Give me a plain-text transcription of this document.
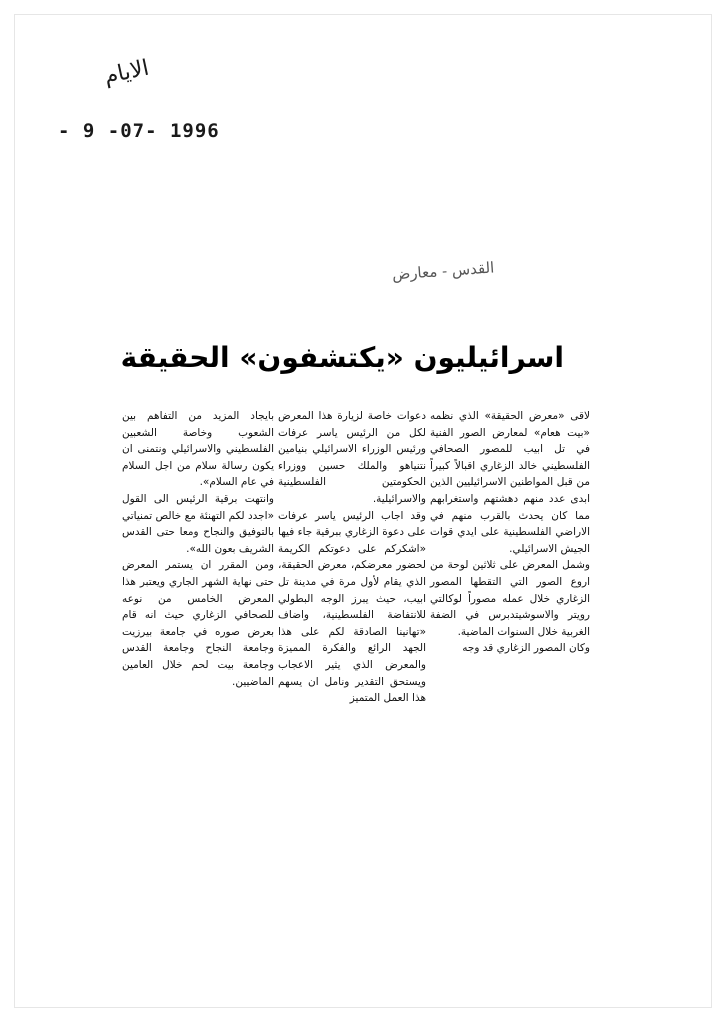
الايام
- 9 -07- 1996
القدس - معارض
اسرائيليون «يكتشفون» الحقيقة

لاقى «معرض الحقيقة» الذي نظمه «بيت هعام» لمعارض الصور الفنية في تل ابيب للمصور الصحافي الفلسطيني خالد الزغاري اقبالاً كبيراً من قبل المواطنين الاسرائيليين الذين ابدى عدد منهم دهشتهم واستغرابهم مما كان يحدث بالقرب منهم في الاراضي الفلسطينية على ايدي قوات الجيش الاسرائيلي.

وشمل المعرض على ثلاثين لوحة من اروع الصور التي التقطها المصور الزغاري خلال عمله مصوراً لوكالتي رويتر والاسوشيتدبرس في الضفة الغربية خلال السنوات الماضية.

وكان المصور الزغاري قد وجه

دعوات خاصة لزيارة هذا المعرض لكل من الرئيس ياسر عرفات ورئيس الوزراء الاسرائيلي بنيامين نتنياهو والملك حسين ووزراء الحكومتين الفلسطينية والاسرائيلية.

وقد اجاب الرئيس ياسر عرفات على دعوة الزغاري ببرقية جاء فيها «اشكركم على دعوتكم الكريمة لحضور معرضكم، معرض الحقيقة، الذي يقام لأول مرة في مدينة تل ابيب، حيث يبرز الوجه البطولي للانتفاضة الفلسطينية، واضاف «تهانينا الصادقة لكم على هذا الجهد الرائع والفكرة المميزة والمعرض الذي يثير الاعجاب ويستحق التقدير ونامل ان يسهم هذا العمل المتميز

بايجاد المزيد من التفاهم بين الشعوب وخاصة الشعبين الفلسطيني والاسرائيلي ونتمنى ان يكون رسالة سلام من اجل السلام في عام السلام».

وانتهت برقية الرئيس الى القول «اجدد لكم التهنئة مع خالص تمنياتي بالتوفيق والنجاح ومعا حتى القدس الشريف بعون الله».

ومن المقرر ان يستمر المعرض حتى نهاية الشهر الجاري ويعتبر هذا المعرض الخامس من نوعه للصحافي الزغاري حيث انه قام بعرض صوره في جامعة بيرزيت وجامعة النجاح وجامعة القدس وجامعة بيت لحم خلال العامين الماضيين.
